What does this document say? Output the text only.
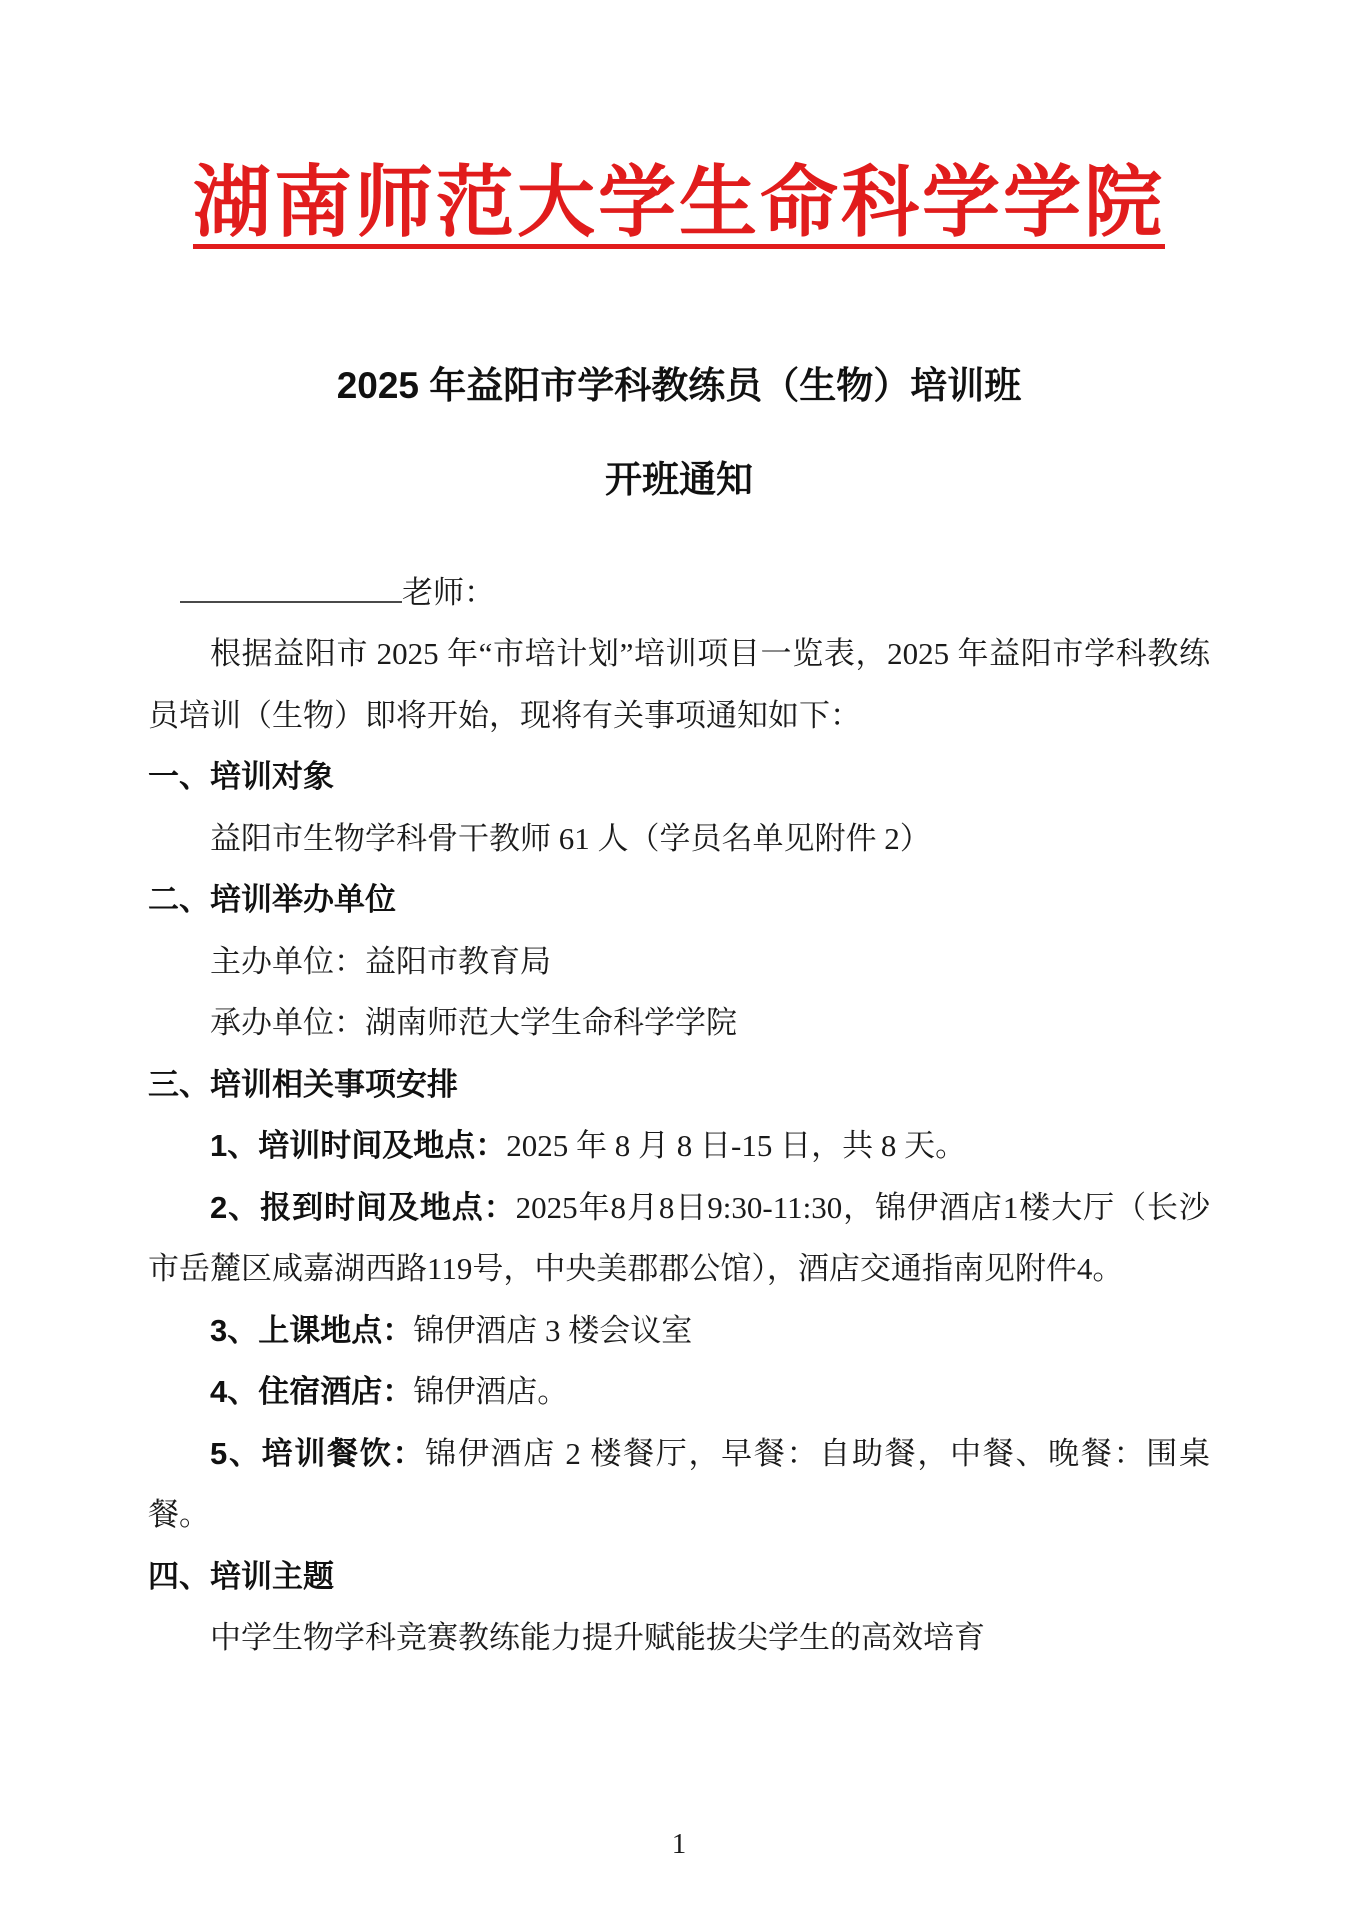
湖南师范大学生命科学学院
2025 年益阳市学科教练员（生物）培训班
开班通知

老师：

根据益阳市 2025 年“市培计划”培训项目一览表，2025 年益阳市学科教练员培训（生物）即将开始，现将有关事项通知如下：

一、培训对象

益阳市生物学科骨干教师 61 人（学员名单见附件 2）

二、培训举办单位

主办单位：益阳市教育局

承办单位：湖南师范大学生命科学学院

三、培训相关事项安排

1、培训时间及地点：2025 年 8 月 8 日-15 日，共 8 天。

2、报到时间及地点：2025年8月8日9:30-11:30，锦伊酒店1楼大厅（长沙市岳麓区咸嘉湖西路119号，中央美郡郡公馆），酒店交通指南见附件4。

3、上课地点：锦伊酒店 3 楼会议室

4、住宿酒店：锦伊酒店。

5、培训餐饮：锦伊酒店 2 楼餐厅，早餐：自助餐，中餐、晚餐：围桌餐。

四、培训主题

中学生物学科竞赛教练能力提升赋能拔尖学生的高效培育

1
